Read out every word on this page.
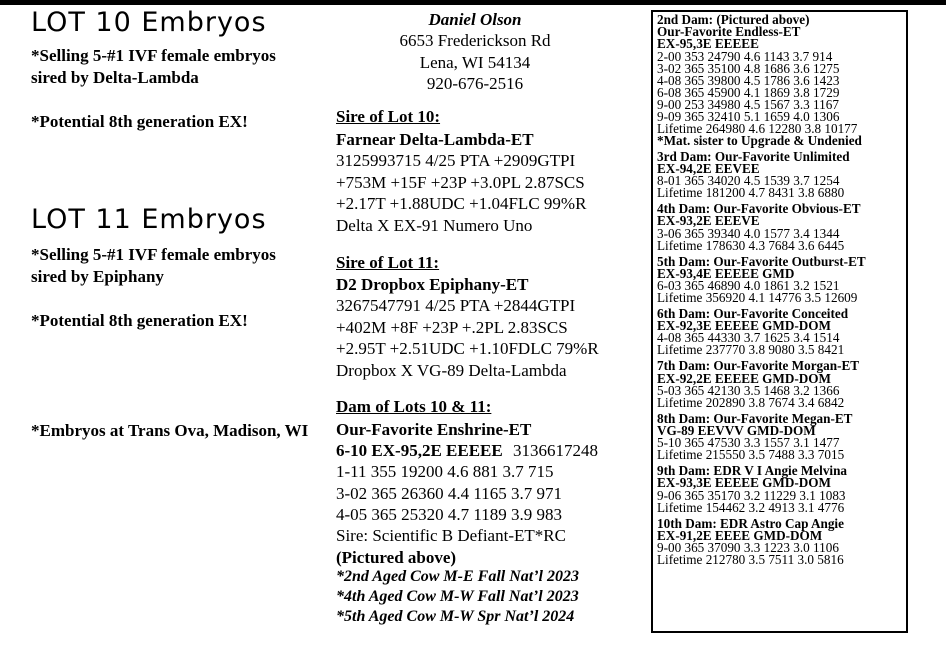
LOT 10 Embryos
*Selling 5-#1 IVF female embryos
sired by Delta-Lambda
*Potential 8th generation EX!
LOT 11 Embryos
*Selling 5-#1 IVF female embryos
sired by Epiphany
*Potential 8th generation EX!
*Embryos at Trans Ova, Madison, WI
Daniel Olson
6653 Frederickson Rd
Lena, WI 54134
920-676-2516
Sire of Lot 10:
Farnear Delta-Lambda-ET
3125993715 4/25 PTA +2909GTPI
+753M +15F +23P +3.0PL 2.87SCS
+2.17T +1.88UDC +1.04FLC 99%R
Delta X EX-91 Numero Uno
Sire of Lot 11:
D2 Dropbox Epiphany-ET
3267547791 4/25 PTA +2844GTPI
+402M +8F +23P +.2PL 2.83SCS
+2.95T +2.51UDC +1.10FDLC 79%R
Dropbox X VG-89 Delta-Lambda
Dam of Lots 10 & 11:
Our-Favorite Enshrine-ET
6-10 EX-95,2E EEEEE 3136617248
1-11 355 19200 4.6 881 3.7 715
3-02 365 26360 4.4 1165 3.7 971
4-05 365 25320 4.7 1189 3.9 983
Sire: Scientific B Defiant-ET*RC
(Pictured above)
*2nd Aged Cow M-E Fall Nat’l 2023
*4th Aged Cow M-W Fall Nat’l 2023
*5th Aged Cow M-W Spr Nat’l 2024
2nd Dam: (Pictured above)
Our-Favorite Endless-ET
EX-95,3E EEEEE
2-00 353 24790 4.6 1143 3.7 914
3-02 365 35100 4.8 1686 3.6 1275
4-08 365 39800 4.5 1786 3.6 1423
6-08 365 45900 4.1 1869 3.8 1729
9-00 253 34980 4.5 1567 3.3 1167
9-09 365 32410 5.1 1659 4.0 1306
Lifetime 264980 4.6 12280 3.8 10177
*Mat. sister to Upgrade & Undenied
3rd Dam: Our-Favorite Unlimited
EX-94,2E EEVEE
8-01 365 34020 4.5 1539 3.7 1254
Lifetime 181200 4.7 8431 3.8 6880
4th Dam: Our-Favorite Obvious-ET
EX-93,2E EEEVE
3-06 365 39340 4.0 1577 3.4 1344
Lifetime 178630 4.3 7684 3.6 6445
5th Dam: Our-Favorite Outburst-ET
EX-93,4E EEEEE GMD
6-03 365 46890 4.0 1861 3.2 1521
Lifetime 356920 4.1 14776 3.5 12609
6th Dam: Our-Favorite Conceited
EX-92,3E EEEEE GMD-DOM
4-08 365 44330 3.7 1625 3.4 1514
Lifetime 237770 3.8 9080 3.5 8421
7th Dam: Our-Favorite Morgan-ET
EX-92,2E EEEEE GMD-DOM
5-03 365 42130 3.5 1468 3.2 1366
Lifetime 202890 3.8 7674 3.4 6842
8th Dam: Our-Favorite Megan-ET
VG-89 EEVVV GMD-DOM
5-10 365 47530 3.3 1557 3.1 1477
Lifetime 215550 3.5 7488 3.3 7015
9th Dam: EDR V I Angie Melvina
EX-93,3E EEEEE GMD-DOM
9-06 365 35170 3.2 11229 3.1 1083
Lifetime 154462 3.2 4913 3.1 4776
10th Dam: EDR Astro Cap Angie
EX-91,2E EEEE GMD-DOM
9-00 365 37090 3.3 1223 3.0 1106
Lifetime 212780 3.5 7511 3.0 5816
